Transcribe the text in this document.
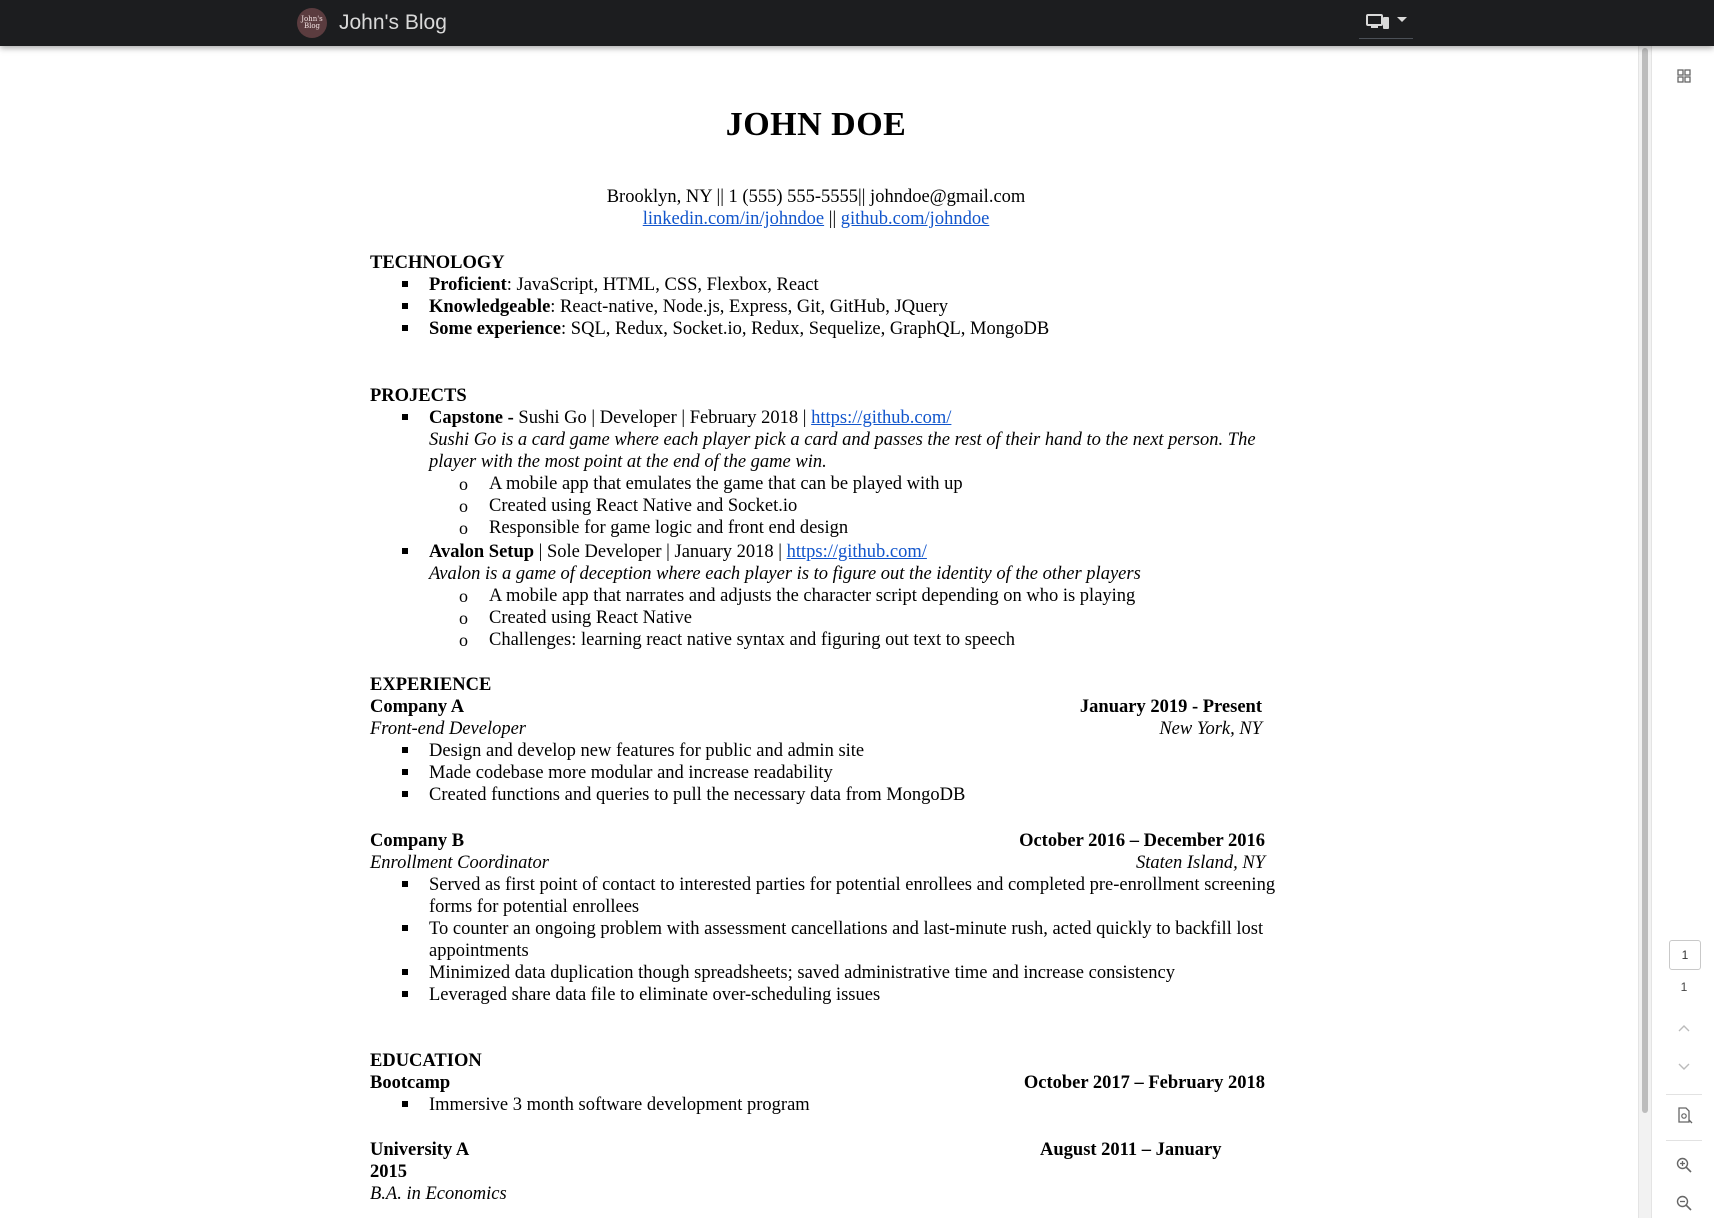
John's Blog John's Blog
JOHN DOE
Brooklyn, NY || 1 (555) 555-5555|| johndoe@gmail.com
linkedin.com/in/johndoe || github.com/johndoe
TECHNOLOGY
Proficient: JavaScript, HTML, CSS, Flexbox, React
Knowledgeable: React-native, Node.js, Express, Git, GitHub, JQuery
Some experience: SQL, Redux, Socket.io, Redux, Sequelize, GraphQL, MongoDB
PROJECTS
Capstone - Sushi Go | Developer | February 2018 | https://github.com/
Sushi Go is a card game where each player pick a card and passes the rest of their hand to the next person. The
player with the most point at the end of the game win.
o A mobile app that emulates the game that can be played with up
o Created using React Native and Socket.io
o Responsible for game logic and front end design
Avalon Setup | Sole Developer | January 2018 | https://github.com/
Avalon is a game of deception where each player is to figure out the identity of the other players
o A mobile app that narrates and adjusts the character script depending on who is playing
o Created using React Native
o Challenges: learning react native syntax and figuring out text to speech
EXPERIENCE
Company A	January 2019 - Present
Front-end Developer	New York, NY
Design and develop new features for public and admin site
Made codebase more modular and increase readability
Created functions and queries to pull the necessary data from MongoDB
Company B	October 2016 – December 2016
Enrollment Coordinator	Staten Island, NY
Served as first point of contact to interested parties for potential enrollees and completed pre-enrollment screening
forms for potential enrollees
To counter an ongoing problem with assessment cancellations and last-minute rush, acted quickly to backfill lost
appointments
Minimized data duplication though spreadsheets; saved administrative time and increase consistency
Leveraged share data file to eliminate over-scheduling issues
EDUCATION
Bootcamp	October 2017 – February 2018
Immersive 3 month software development program
University A	August 2011 – January
2015
B.A. in Economics
1
1
